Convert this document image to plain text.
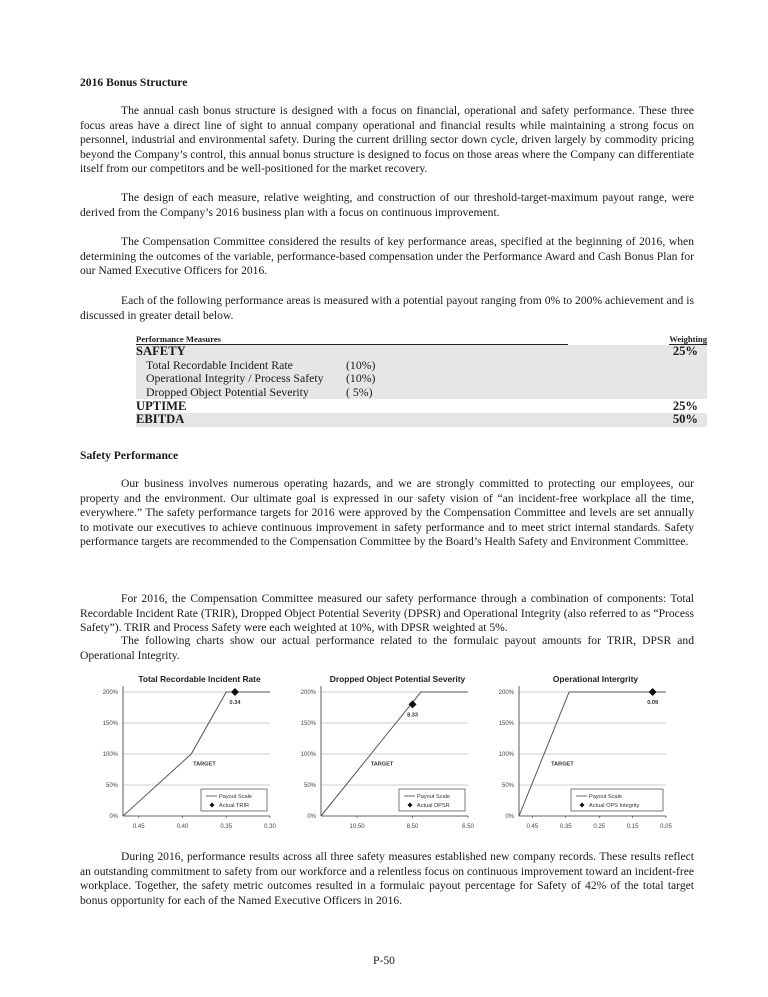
2016 Bonus Structure

The annual cash bonus structure is designed with a focus on financial, operational and safety performance. These three focus areas have a direct line of sight to annual company operational and financial results while maintaining a strong focus on personnel, industrial and environmental safety. During the current drilling sector down cycle, driven largely by commodity pricing beyond the Company’s control, this annual bonus structure is designed to focus on those areas where the Company can differentiate itself from our competitors and be well-positioned for the market recovery.

The design of each measure, relative weighting, and construction of our threshold-target-maximum payout range, were derived from the Company’s 2016 business plan with a focus on continuous improvement.

The Compensation Committee considered the results of key performance areas, specified at the beginning of 2016, when determining the outcomes of the variable, performance-based compensation under the Performance Award and Cash Bonus Plan for our Named Executive Officers for 2016.

Each of the following performance areas is measured with a potential payout ranging from 0% to 200% achievement and is discussed in greater detail below.

Performance Measures	Weighting
SAFETY	25%
Total Recordable Incident Rate	(10%)
Operational Integrity / Process Safety	(10%)
Dropped Object Potential Severity	( 5%)
UPTIME	25%
EBITDA	50%
Safety Performance

Our business involves numerous operating hazards, and we are strongly committed to protecting our employees, our property and the environment. Our ultimate goal is expressed in our safety vision of “an incident-free workplace all the time, everywhere.” The safety performance targets for 2016 were approved by the Compensation Committee and levels are set annually to motivate our executives to achieve continuous improvement in safety performance and to meet strict internal standards. Safety performance targets are recommended to the Compensation Committee by the Board’s Health Safety and Environment Committee.

For 2016, the Compensation Committee measured our safety performance through a combination of components: Total Recordable Incident Rate (TRIR), Dropped Object Potential Severity (DPSR) and Operational Integrity (also referred to as “Process Safety”). TRIR and Process Safety were each weighted at 10%, with DPSR weighted at 5%.

The following charts show our actual performance related to the formulaic payout amounts for TRIR, DPSR and Operational Integrity.

During 2016, performance results across all three safety measures established new company records. These results reflect an outstanding commitment to safety from our workforce and a relentless focus on continuous improvement toward an incident-free workplace. Together, the safety metric outcomes resulted in a formulaic payout percentage for Safety of 42% of the total target bonus opportunity for each of the Named Executive Officers in 2016.

Total Recordable Incident Rate
0%
50%
100%
150%
200%
0.45	0.40	0.35	0.30
0.34
TARGET
Payout Scale
Actual TRIR
Dropped Object Potential Severity
0%
50%
100%
150%
200%
10.50	8.50	6.50
8.33
TARGET
Payout Scale
Actual DPSR
Operational Intergrity
0%
50%
100%
150%
200%
0.45	0.35	0.25	0.15	0.05
0.09
TARGET
Payout Scale
Actual OPS Integrity
P-50
